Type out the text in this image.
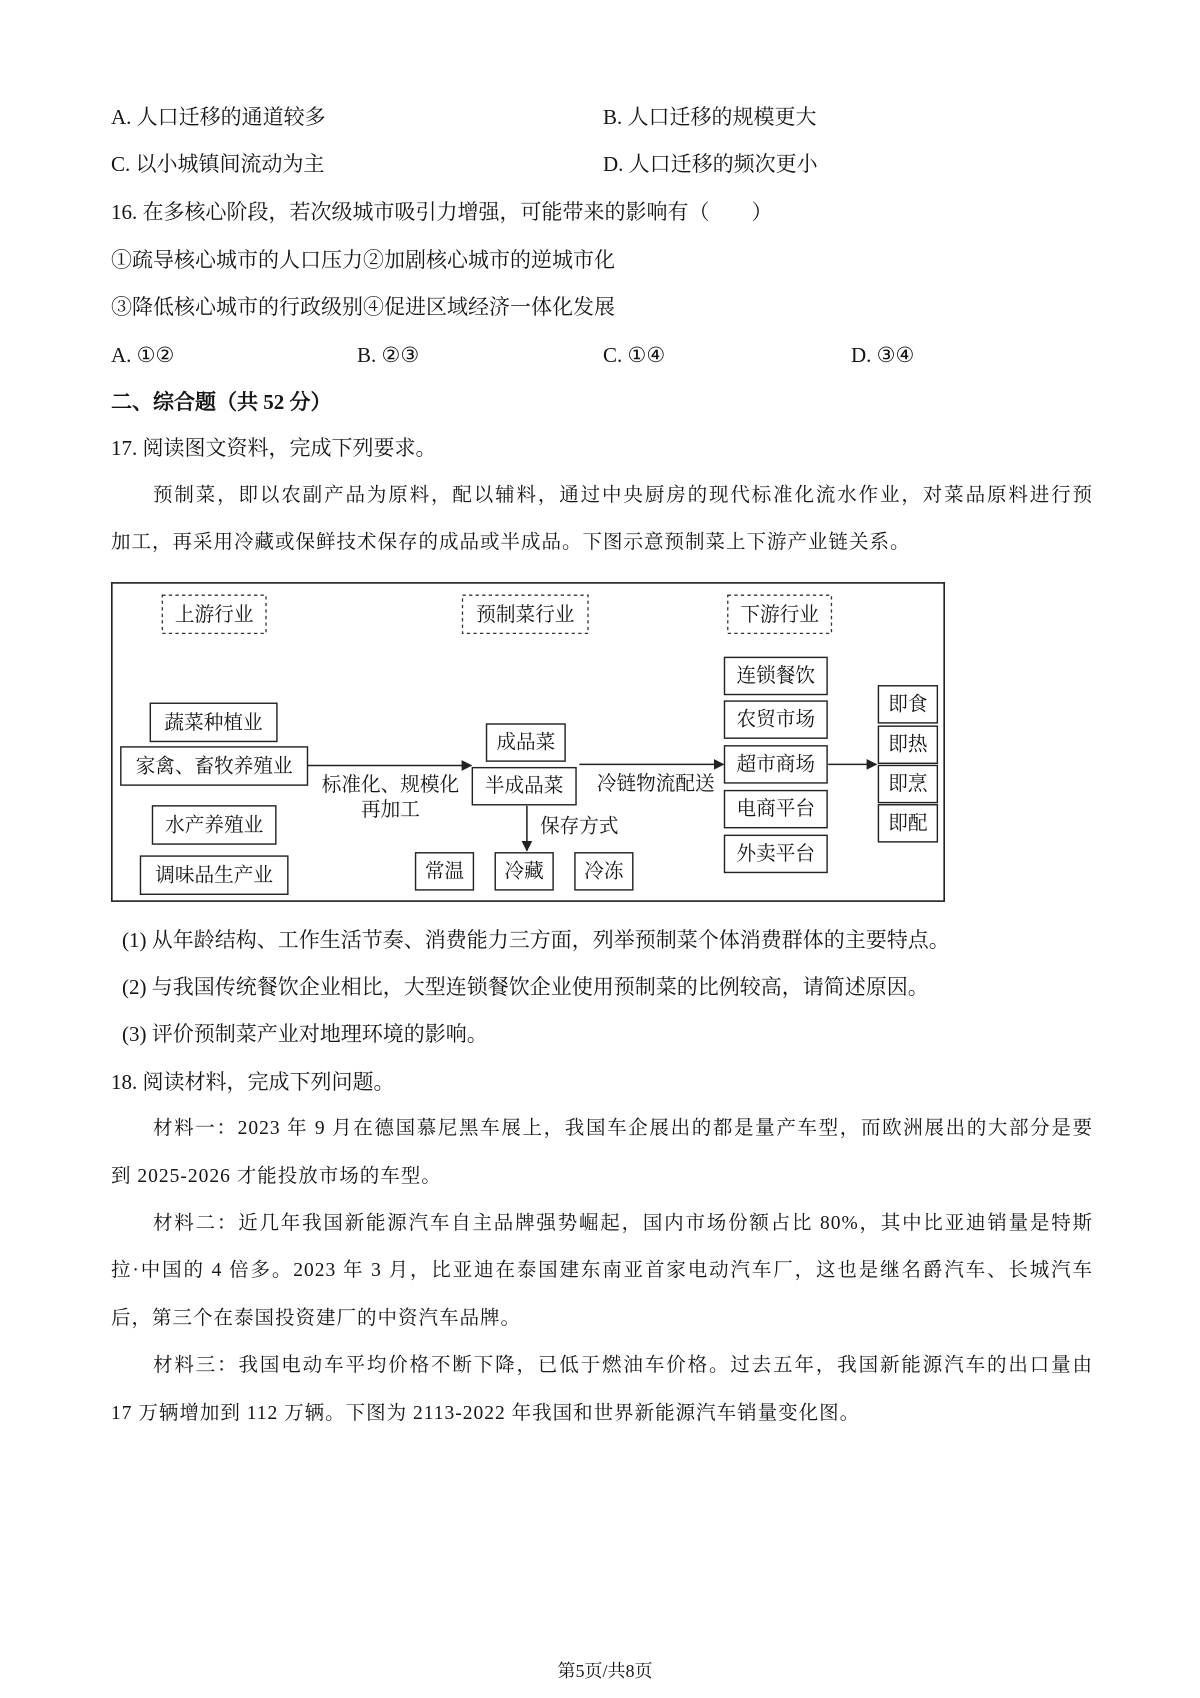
A. 人口迁移的通道较多	B. 人口迁移的规模更大
C. 以小城镇间流动为主	D. 人口迁移的频次更小
16. 在多核心阶段，若次级城市吸引力增强，可能带来的影响有（　　）
①疏导核心城市的人口压力②加剧核心城市的逆城市化
③降低核心城市的行政级别④促进区域经济一体化发展
A. ①②	B. ②③	C. ①④	D. ③④
二、综合题（共 52 分）
17. 阅读图文资料，完成下列要求。
预制菜，即以农副产品为原料，配以辅料，通过中央厨房的现代标准化流水作业，对菜品原料进行预
加工，再采用冷藏或保鲜技术保存的成品或半成品。下图示意预制菜上下游产业链关系。
上游行业	预制菜行业	下游行业
蔬菜种植业
家禽、畜牧养殖业
水产养殖业
调味品生产业
标准化、规模化
再加工
成品菜
半成品菜
保存方式
常温 冷藏 冷冻
冷链物流配送
连锁餐饮
农贸市场
超市商场
电商平台
外卖平台
即食
即热
即烹
即配
(1) 从年龄结构、工作生活节奏、消费能力三方面，列举预制菜个体消费群体的主要特点。
(2) 与我国传统餐饮企业相比，大型连锁餐饮企业使用预制菜的比例较高，请简述原因。
(3) 评价预制菜产业对地理环境的影响。
18. 阅读材料，完成下列问题。
材料一：2023 年 9 月在德国慕尼黑车展上，我国车企展出的都是量产车型，而欧洲展出的大部分是要
到 2025-2026 才能投放市场的车型。
材料二：近几年我国新能源汽车自主品牌强势崛起，国内市场份额占比 80%，其中比亚迪销量是特斯
拉·中国的 4 倍多。2023 年 3 月，比亚迪在泰国建东南亚首家电动汽车厂，这也是继名爵汽车、长城汽车
后，第三个在泰国投资建厂的中资汽车品牌。
材料三：我国电动车平均价格不断下降，已低于燃油车价格。过去五年，我国新能源汽车的出口量由
17 万辆增加到 112 万辆。下图为 2113-2022 年我国和世界新能源汽车销量变化图。
第5页/共8页
